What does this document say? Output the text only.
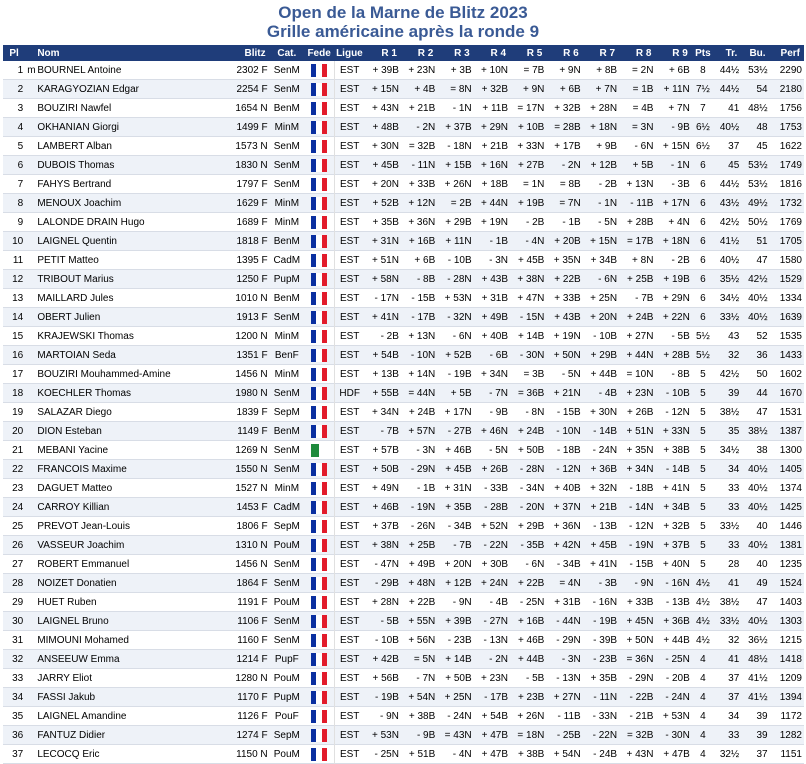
Open de la Marne de Blitz 2023
Grille américaine après la ronde 9
Pl		Nom	Blitz	Cat.	Fede	Ligue	R 1	R 2	R 3	R 4	R 5	R 6	R 7	R 8	R 9	Pts	Tr.	Bu.	Perf
1	m	BOURNEL Antoine	2302 F	SenM		EST	+ 39B	+ 23N	+ 3B	+ 10N	= 7B	+ 9N	+ 8B	= 2N	+ 6B	8	44½	53½	2290
2		KARAGYOZIAN Edgar	2254 F	SenM		EST	+ 15N	+ 4B	= 8N	+ 32B	+ 9N	+ 6B	+ 7N	= 1B	+ 11N	7½	44½	54	2180
3		BOUZIRI Nawfel	1654 N	BenM		EST	+ 43N	+ 21B	- 1N	+ 11B	= 17N	+ 32B	+ 28N	= 4B	+ 7N	7	41	48½	1756
4		OKHANIAN Giorgi	1499 F	MinM		EST	+ 48B	- 2N	+ 37B	+ 29N	+ 10B	= 28B	+ 18N	= 3N	- 9B	6½	40½	48	1753
5		LAMBERT Alban	1573 N	SenM		EST	+ 30N	= 32B	- 18N	+ 21B	+ 33N	+ 17B	+ 9B	- 6N	+ 15N	6½	37	45	1622
6		DUBOIS Thomas	1830 N	SenM		EST	+ 45B	- 11N	+ 15B	+ 16N	+ 27B	- 2N	+ 12B	+ 5B	- 1N	6	45	53½	1749
7		FAHYS Bertrand	1797 F	SenM		EST	+ 20N	+ 33B	+ 26N	+ 18B	= 1N	= 8B	- 2B	+ 13N	- 3B	6	44½	53½	1816
8		MENOUX Joachim	1629 F	MinM		EST	+ 52B	+ 12N	= 2B	+ 44N	+ 19B	= 7N	- 1N	- 11B	+ 17N	6	43½	49½	1732
9		LALONDE DRAIN Hugo	1689 F	MinM		EST	+ 35B	+ 36N	+ 29B	+ 19N	- 2B	- 1B	- 5N	+ 28B	+ 4N	6	42½	50½	1769
10		LAIGNEL Quentin	1818 F	BenM		EST	+ 31N	+ 16B	+ 11N	- 1B	- 4N	+ 20B	+ 15N	= 17B	+ 18N	6	41½	51	1705
11		PETIT Matteo	1395 F	CadM		EST	+ 51N	+ 6B	- 10B	- 3N	+ 45B	+ 35N	+ 34B	+ 8N	- 2B	6	40½	47	1580
12		TRIBOUT Marius	1250 F	PupM		EST	+ 58N	- 8B	- 28N	+ 43B	+ 38N	+ 22B	- 6N	+ 25B	+ 19B	6	35½	42½	1529
13		MAILLARD Jules	1010 N	BenM		EST	- 17N	- 15B	+ 53N	+ 31B	+ 47N	+ 33B	+ 25N	- 7B	+ 29N	6	34½	40½	1334
14		OBERT Julien	1913 F	SenM		EST	+ 41N	- 17B	- 32N	+ 49B	- 15N	+ 43B	+ 20N	+ 24B	+ 22N	6	33½	40½	1639
15		KRAJEWSKI Thomas	1200 N	MinM		EST	- 2B	+ 13N	- 6N	+ 40B	+ 14B	+ 19N	- 10B	+ 27N	- 5B	5½	43	52	1535
16		MARTOIAN Seda	1351 F	BenF		EST	+ 54B	- 10N	+ 52B	- 6B	- 30N	+ 50N	+ 29B	+ 44N	+ 28B	5½	32	36	1433
17		BOUZIRI Mouhammed-Amine	1456 N	MinM		EST	+ 13B	+ 14N	- 19B	+ 34N	= 3B	- 5N	+ 44B	= 10N	- 8B	5	42½	50	1602
18		KOECHLER Thomas	1980 N	SenM		HDF	+ 55B	= 44N	+ 5B	- 7N	= 36B	+ 21N	- 4B	+ 23N	- 10B	5	39	44	1670
19		SALAZAR Diego	1839 F	SepM		EST	+ 34N	+ 24B	+ 17N	- 9B	- 8N	- 15B	+ 30N	+ 26B	- 12N	5	38½	47	1531
20		DION Esteban	1149 F	BenM		EST	- 7B	+ 57N	- 27B	+ 46N	+ 24B	- 10N	- 14B	+ 51N	+ 33N	5	35	38½	1387
21		MEBANI Yacine	1269 N	SenM		EST	+ 57B	- 3N	+ 46B	- 5N	+ 50B	- 18B	- 24N	+ 35N	+ 38B	5	34½	38	1300
22		FRANCOIS Maxime	1550 N	SenM		EST	+ 50B	- 29N	+ 45B	+ 26B	- 28N	- 12N	+ 36B	+ 34N	- 14B	5	34	40½	1405
23		DAGUET Matteo	1527 N	MinM		EST	+ 49N	- 1B	+ 31N	- 33B	- 34N	+ 40B	+ 32N	- 18B	+ 41N	5	33	40½	1374
24		CARROY Killian	1453 F	CadM		EST	+ 46B	- 19N	+ 35B	- 28B	- 20N	+ 37N	+ 21B	- 14N	+ 34B	5	33	40½	1425
25		PREVOT Jean-Louis	1806 F	SepM		EST	+ 37B	- 26N	- 34B	+ 52N	+ 29B	+ 36N	- 13B	- 12N	+ 32B	5	33½	40	1446
26		VASSEUR Joachim	1310 N	PouM		EST	+ 38N	+ 25B	- 7B	- 22N	- 35B	+ 42N	+ 45B	- 19N	+ 37B	5	33	40½	1381
27		ROBERT Emmanuel	1456 N	SenM		EST	- 47N	+ 49B	+ 20N	+ 30B	- 6N	- 34B	+ 41N	- 15B	+ 40N	5	28	40	1235
28		NOIZET Donatien	1864 F	SenM		EST	- 29B	+ 48N	+ 12B	+ 24N	+ 22B	= 4N	- 3B	- 9N	- 16N	4½	41	49	1524
29		HUET Ruben	1191 F	PouM		EST	+ 28N	+ 22B	- 9N	- 4B	- 25N	+ 31B	- 16N	+ 33B	- 13B	4½	38½	47	1403
30		LAIGNEL Bruno	1106 F	SenM		EST	- 5B	+ 55N	+ 39B	- 27N	+ 16B	- 44N	- 19B	+ 45N	+ 36B	4½	33½	40½	1303
31		MIMOUNI Mohamed	1160 F	SenM		EST	- 10B	+ 56N	- 23B	- 13N	+ 46B	- 29N	- 39B	+ 50N	+ 44B	4½	32	36½	1215
32		ANSEEUW Emma	1214 F	PupF		EST	+ 42B	= 5N	+ 14B	- 2N	+ 44B	- 3N	- 23B	= 36N	- 25N	4	41	48½	1418
33		JARRY Eliot	1280 N	PouM		EST	+ 56B	- 7N	+ 50B	+ 23N	- 5B	- 13N	+ 35B	- 29N	- 20B	4	37	41½	1209
34		FASSI Jakub	1170 F	PupM		EST	- 19B	+ 54N	+ 25N	- 17B	+ 23B	+ 27N	- 11N	- 22B	- 24N	4	37	41½	1394
35		LAIGNEL Amandine	1126 F	PouF		EST	- 9N	+ 38B	- 24N	+ 54B	+ 26N	- 11B	- 33N	- 21B	+ 53N	4	34	39	1172
36		FANTUZ Didier	1274 F	SepM		EST	+ 53N	- 9B	= 43N	+ 47B	= 18N	- 25B	- 22N	= 32B	- 30N	4	33	39	1282
37		LECOCQ Eric	1150 N	PouM		EST	- 25N	+ 51B	- 4N	+ 47B	+ 38B	+ 54N	- 24B	+ 43N	+ 47B	4	32½	37	1151
